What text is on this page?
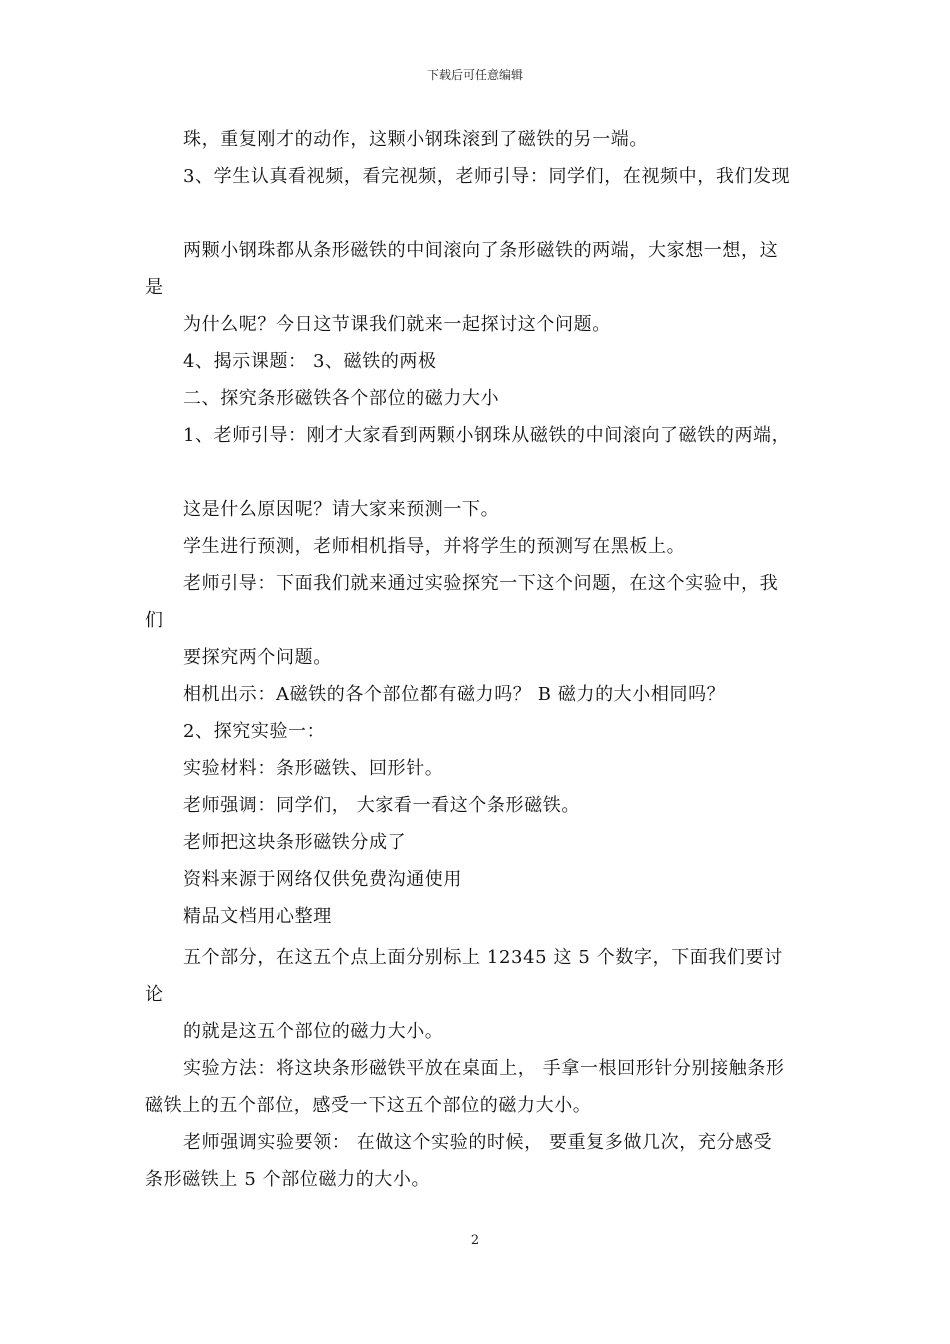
下载后可任意编辑
珠，重复刚才的动作，这颗小钢珠滚到了磁铁的另一端。
3、学生认真看视频，看完视频，老师引导：同学们，在视频中，我们发现
两颗小钢珠都从条形磁铁的中间滚向了条形磁铁的两端，大家想一想，这
是
为什么呢？今日这节课我们就来一起探讨这个问题。
4、揭示课题： 3、磁铁的两极
二、探究条形磁铁各个部位的磁力大小
1、老师引导：刚才大家看到两颗小钢珠从磁铁的中间滚向了磁铁的两端，
这是什么原因呢？请大家来预测一下。
学生进行预测，老师相机指导，并将学生的预测写在黑板上。
老师引导：下面我们就来通过实验探究一下这个问题，在这个实验中，我
们
要探究两个问题。
相机出示：A磁铁的各个部位都有磁力吗？ B 磁力的大小相同吗？
2、探究实验一：
实验材料：条形磁铁、回形针。
老师强调：同学们， 大家看一看这个条形磁铁。
老师把这块条形磁铁分成了
资料来源于网络仅供免费沟通使用
精品文档用心整理
五个部分，在这五个点上面分别标上 12345 这 5 个数字，下面我们要讨
论
的就是这五个部位的磁力大小。
实验方法：将这块条形磁铁平放在桌面上， 手拿一根回形针分别接触条形
磁铁上的五个部位，感受一下这五个部位的磁力大小。
老师强调实验要领： 在做这个实验的时候， 要重复多做几次，充分感受
条形磁铁上 5 个部位磁力的大小。
2
